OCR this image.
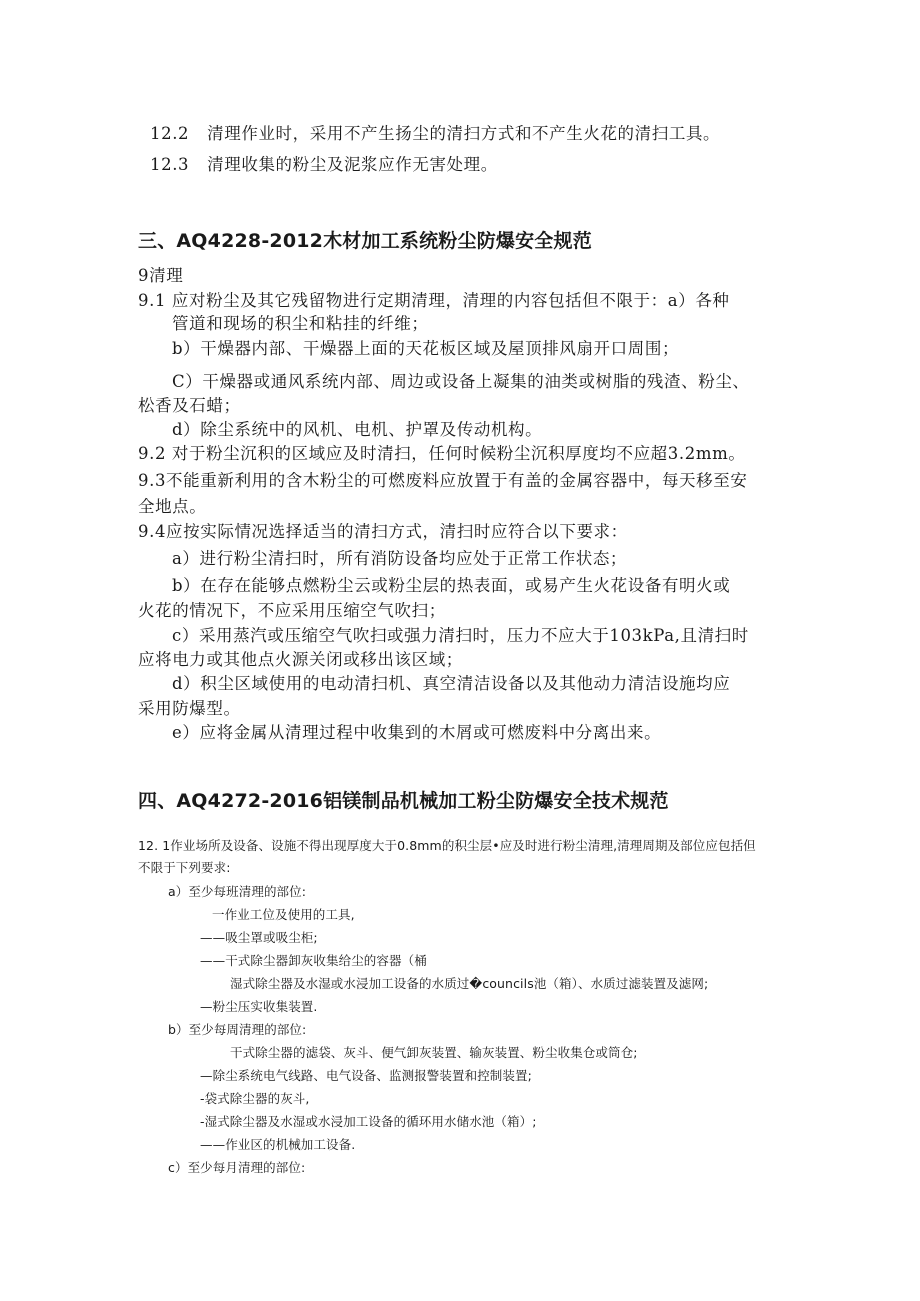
12.2 清理作业时，采用不产生扬尘的清扫方式和不产生火花的清扫工具。
12.3 清理收集的粉尘及泥浆应作无害处理。
三、AQ4228-2012木材加工系统粉尘防爆安全规范
9清理
9.1 应对粉尘及其它残留物进行定期清理，清理的内容包括但不限于：a）各种
管道和现场的积尘和粘挂的纤维；
b）干燥器内部、干燥器上面的天花板区域及屋顶排风扇开口周围；
C）干燥器或通风系统内部、周边或设备上凝集的油类或树脂的残渣、粉尘、
松香及石蜡；
d）除尘系统中的风机、电机、护罩及传动机构。
9.2 对于粉尘沉积的区域应及时清扫，任何时候粉尘沉积厚度均不应超3.2mm。
9.3不能重新利用的含木粉尘的可燃废料应放置于有盖的金属容器中，每天移至安
全地点。
9.4应按实际情况选择适当的清扫方式，清扫时应符合以下要求：
a）进行粉尘清扫时，所有消防设备均应处于正常工作状态；
b）在存在能够点燃粉尘云或粉尘层的热表面，或易产生火花设备有明火或
火花的情况下，不应采用压缩空气吹扫；
c）采用蒸汽或压缩空气吹扫或强力清扫时，压力不应大于103kPa,且清扫时
应将电力或其他点火源关闭或移出该区域；
d）积尘区域使用的电动清扫机、真空清洁设备以及其他动力清洁设施均应
采用防爆型。
e）应将金属从清理过程中收集到的木屑或可燃废料中分离出来。
四、AQ4272-2016铝镁制品机械加工粉尘防爆安全技术规范
12. 1作业场所及设备、设施不得出现厚度大于0.8mm的积尘层•应及时进行粉尘清理,清理周期及部位应包括但
不限于下列要求:
a）至少每班清理的部位:
一作业工位及使用的工具,
——吸尘罩或吸尘柜;
——干式除尘器卸灰收集给尘的容器（桶
湿式除尘器及水湿或水浸加工设备的水质过�councils池（箱）、水质过滤装置及滤网;
—粉尘压实收集装置.
b）至少每周清理的部位:
干式除尘器的滤袋、灰斗、便气卸灰装置、输灰装置、粉尘收集仓或筒仓;
—除尘系统电气线路、电气设备、监测报警装置和控制装置;
-袋式除尘器的灰斗,
-湿式除尘器及水湿或水浸加工设备的循环用水储水池（箱）;
——作业区的机械加工设备.
c）至少每月清理的部位:
